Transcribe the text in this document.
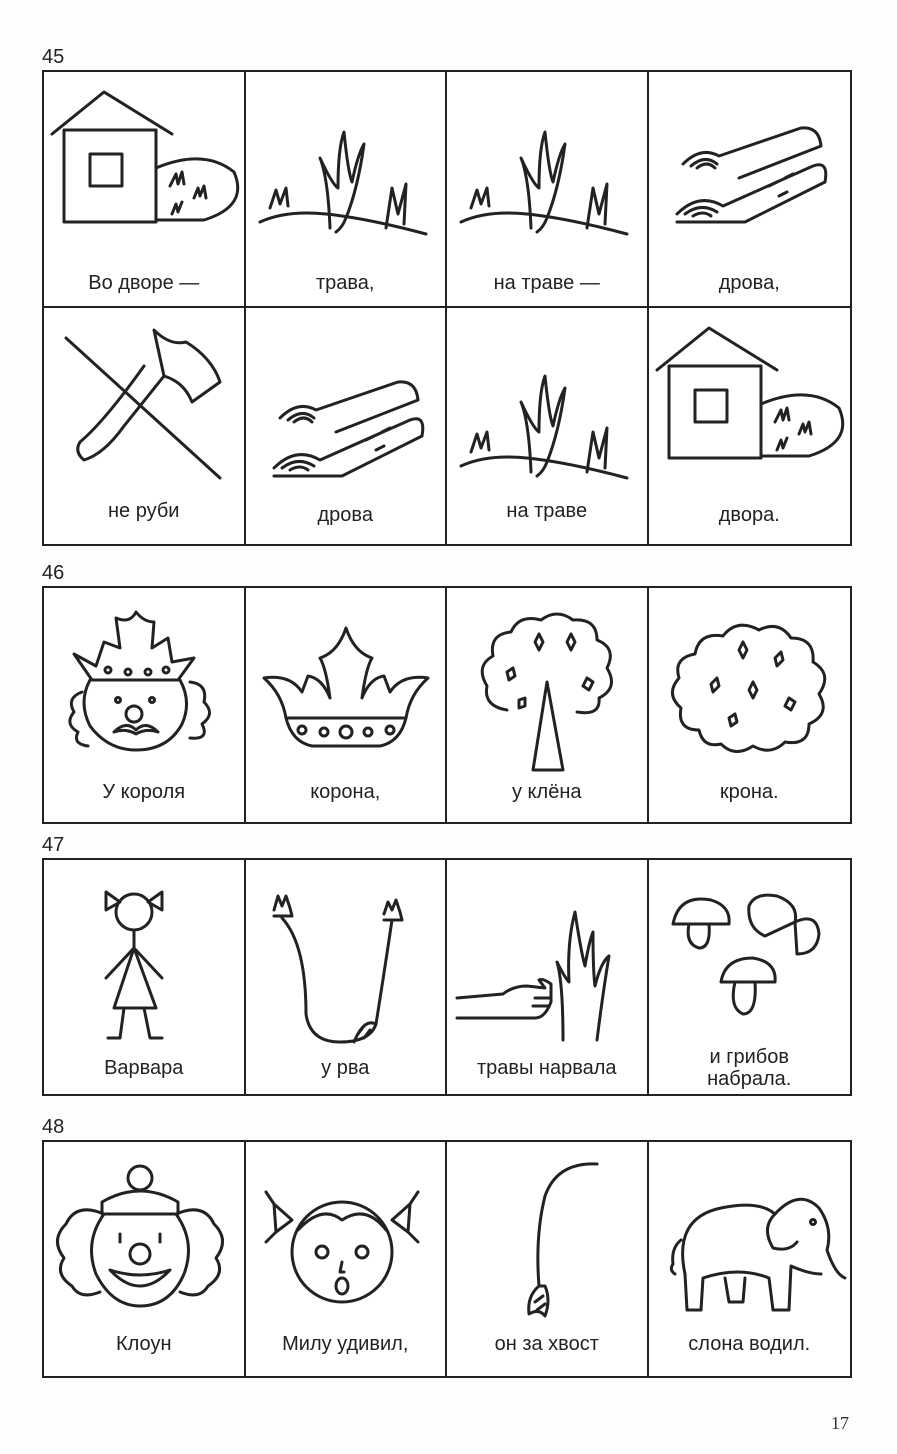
45
Во дворе —	трава,	на траве —	дрова,
не руби	дрова	на траве	двора.
46
У короля	корона,	у клёна	крона.
47
Варвара	у рва	травы нарвала	и грибов набрала.
48
Клоун	Милу удивил,	он за хвост	слона водил.
17
